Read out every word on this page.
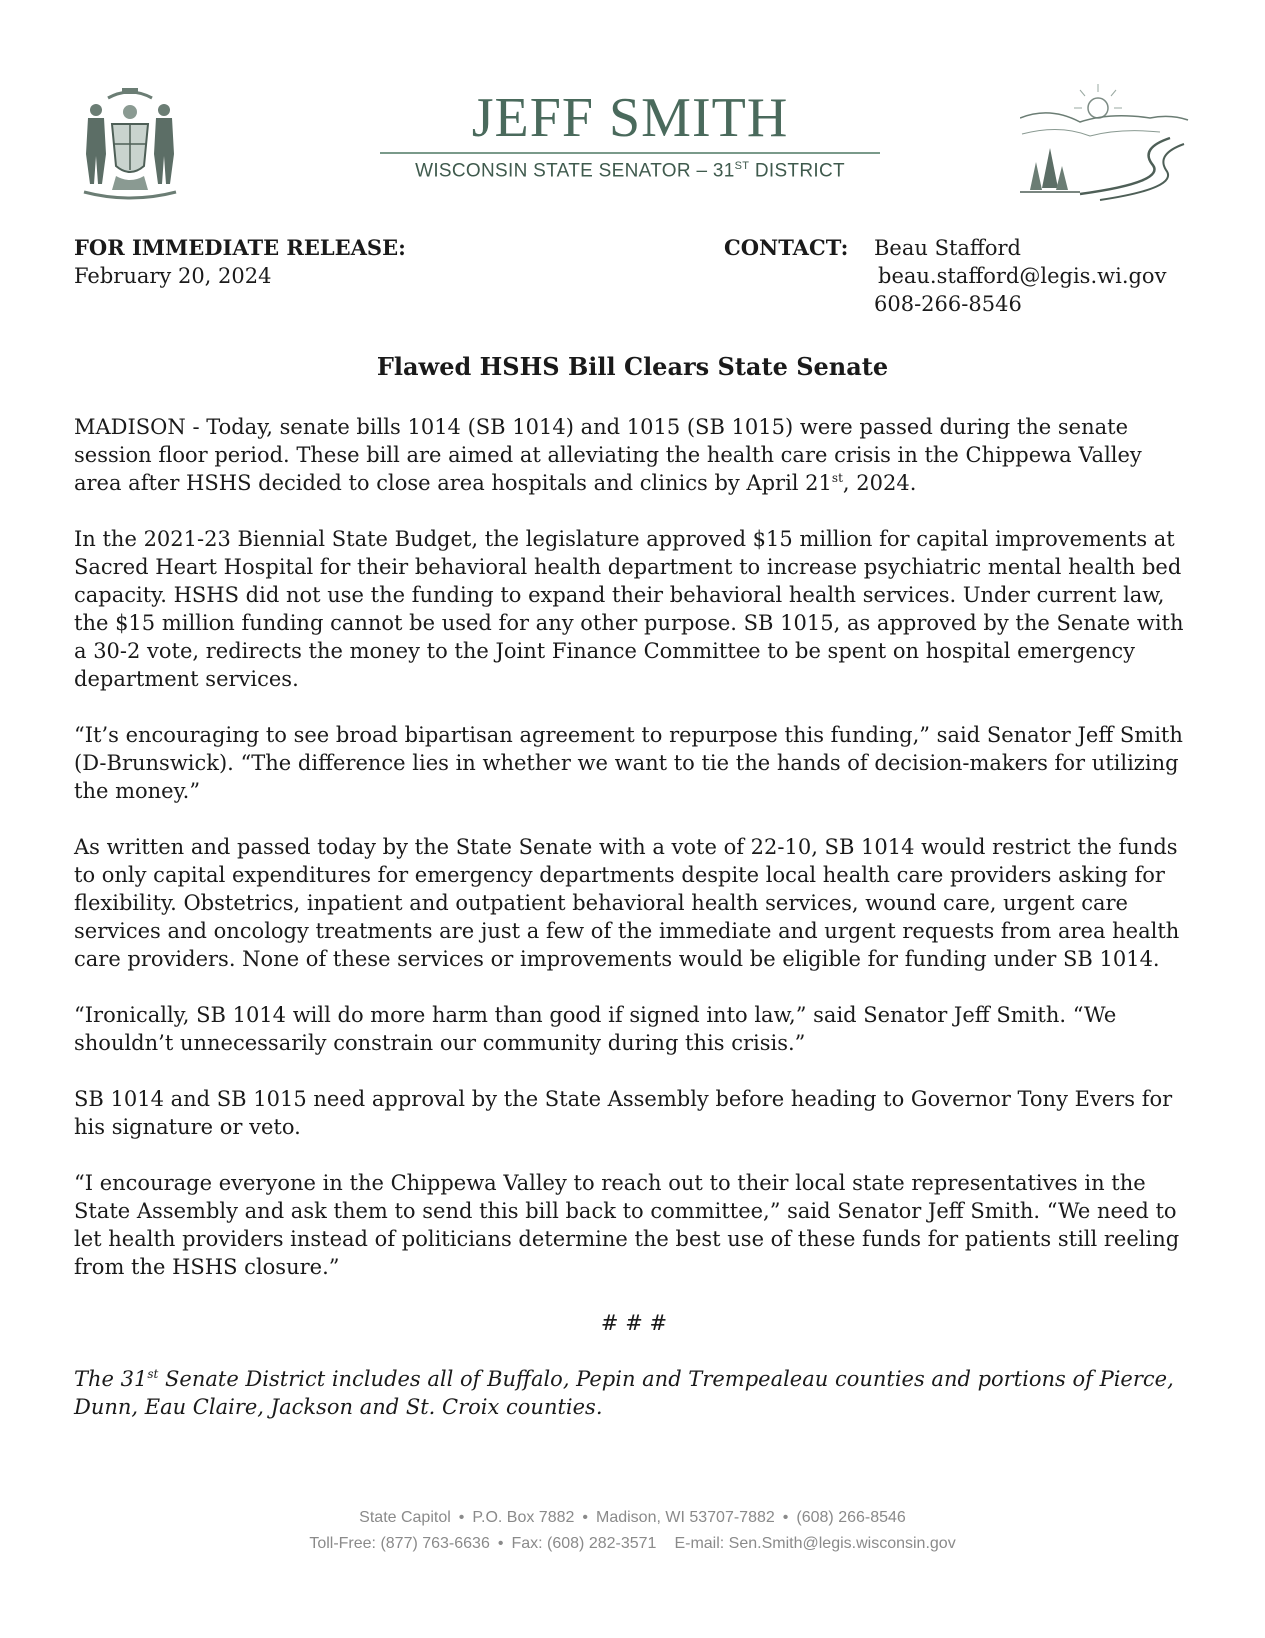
JEFF SMITH
WISCONSIN STATE SENATOR – 31ST DISTRICT
FOR IMMEDIATE RELEASE:
February 20, 2024
CONTACT: Beau Stafford
beau.stafford@legis.wi.gov
608-266-8546
Flawed HSHS Bill Clears State Senate

MADISON - Today, senate bills 1014 (SB 1014) and 1015 (SB 1015) were passed during the senate session floor period. These bill are aimed at alleviating the health care crisis in the Chippewa Valley area after HSHS decided to close area hospitals and clinics by April 21st, 2024.

In the 2021-23 Biennial State Budget, the legislature approved $15 million for capital improvements at Sacred Heart Hospital for their behavioral health department to increase psychiatric mental health bed capacity. HSHS did not use the funding to expand their behavioral health services. Under current law, the $15 million funding cannot be used for any other purpose. SB 1015, as approved by the Senate with a 30-2 vote, redirects the money to the Joint Finance Committee to be spent on hospital emergency department services.

“It’s encouraging to see broad bipartisan agreement to repurpose this funding,” said Senator Jeff Smith (D-Brunswick). “The difference lies in whether we want to tie the hands of decision-makers for utilizing the money.”

As written and passed today by the State Senate with a vote of 22-10, SB 1014 would restrict the funds to only capital expenditures for emergency departments despite local health care providers asking for flexibility. Obstetrics, inpatient and outpatient behavioral health services, wound care, urgent care services and oncology treatments are just a few of the immediate and urgent requests from area health care providers. None of these services or improvements would be eligible for funding under SB 1014.

“Ironically, SB 1014 will do more harm than good if signed into law,” said Senator Jeff Smith. “We shouldn’t unnecessarily constrain our community during this crisis.”

SB 1014 and SB 1015 need approval by the State Assembly before heading to Governor Tony Evers for his signature or veto.

“I encourage everyone in the Chippewa Valley to reach out to their local state representatives in the State Assembly and ask them to send this bill back to committee,” said Senator Jeff Smith. “We need to let health providers instead of politicians determine the best use of these funds for patients still reeling from the HSHS closure.”

# # #

The 31st Senate District includes all of Buffalo, Pepin and Trempealeau counties and portions of Pierce, Dunn, Eau Claire, Jackson and St. Croix counties.

State Capitol • P.O. Box 7882 • Madison, WI 53707-7882 • (608) 266-8546
Toll-Free: (877) 763-6636 • Fax: (608) 282-3571 E-mail: Sen.Smith@legis.wisconsin.gov
